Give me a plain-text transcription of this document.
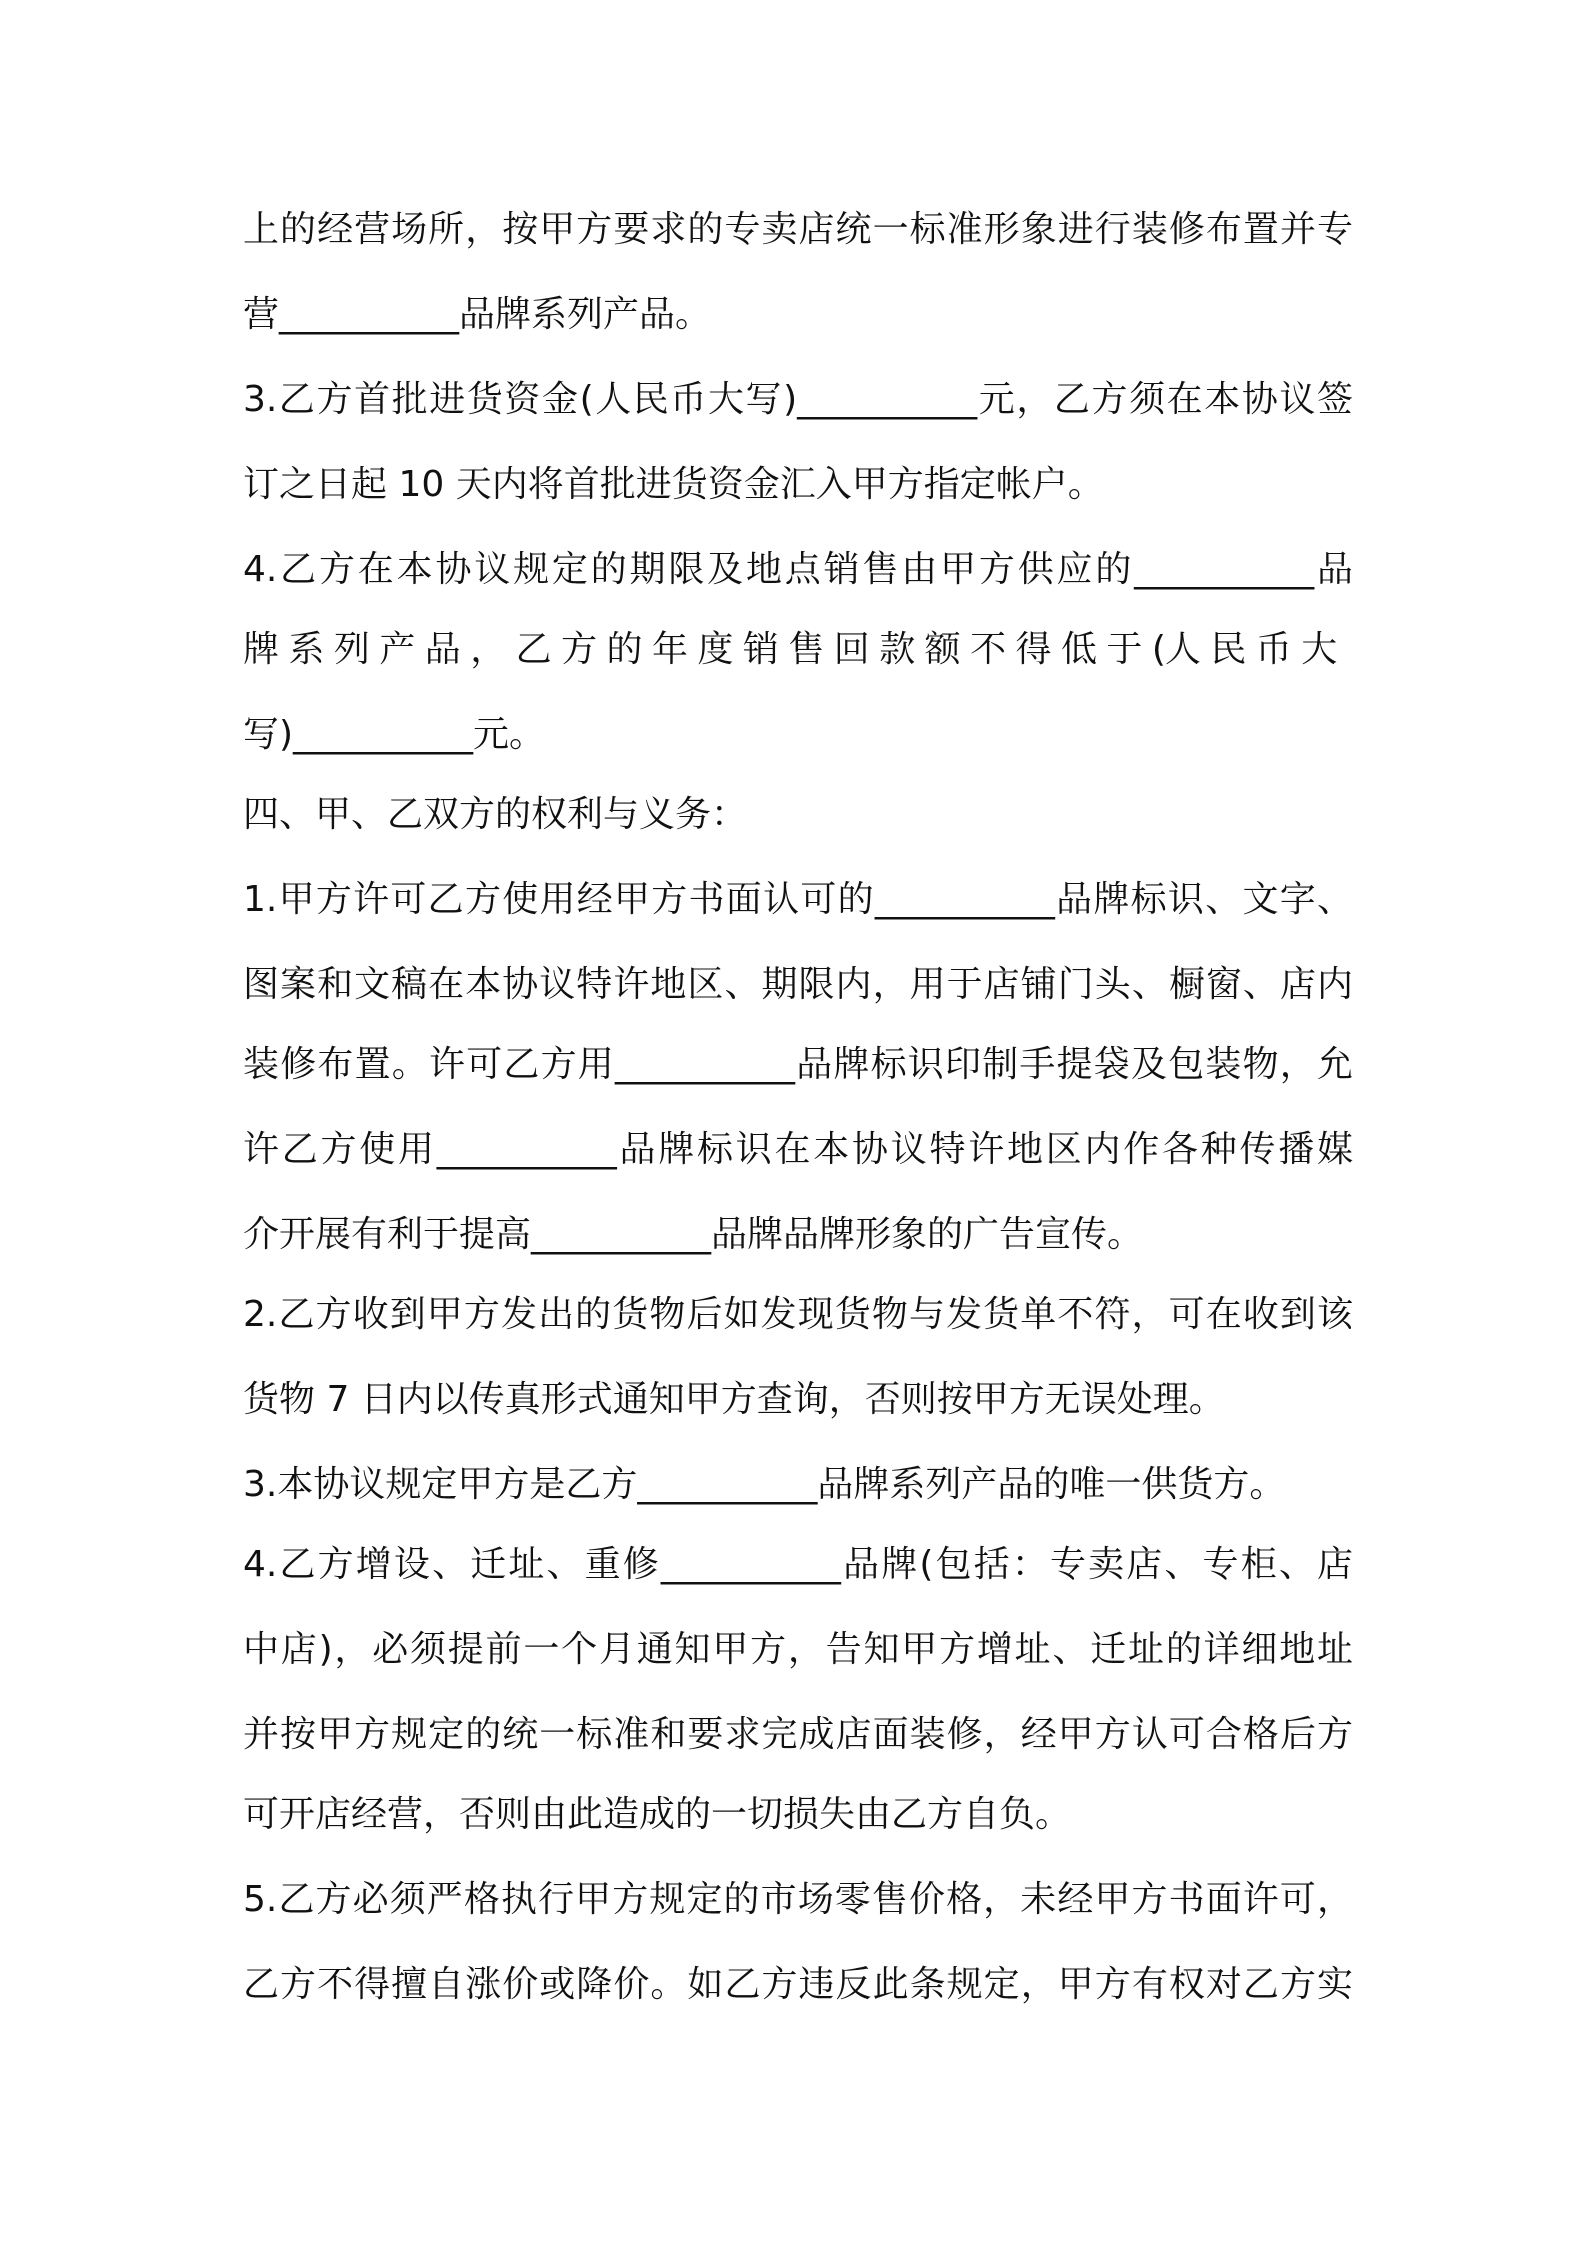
上的经营场所，按甲方要求的专卖店统一标准形象进行装修布置并专
营__________品牌系列产品。
3.乙方首批进货资金(人民币大写)__________元，乙方须在本协议签
订之日起 10 天内将首批进货资金汇入甲方指定帐户。
4.乙方在本协议规定的期限及地点销售由甲方供应的__________品
牌 系 列 产 品 ， 乙 方 的 年 度 销 售 回 款 额 不 得 低 于 (人 民 币 大
写)__________元。
四、甲、乙双方的权利与义务：
1.甲方许可乙方使用经甲方书面认可的__________品牌标识、文字、
图案和文稿在本协议特许地区、期限内，用于店铺门头、橱窗、店内
装修布置。许可乙方用__________品牌标识印制手提袋及包装物，允
许乙方使用__________品牌标识在本协议特许地区内作各种传播媒
介开展有利于提高__________品牌品牌形象的广告宣传。
2.乙方收到甲方发出的货物后如发现货物与发货单不符，可在收到该
货物 7 日内以传真形式通知甲方查询，否则按甲方无误处理。
3.本协议规定甲方是乙方__________品牌系列产品的唯一供货方。
4.乙方增设、迁址、重修__________品牌(包括：专卖店、专柜、店
中店)，必须提前一个月通知甲方，告知甲方增址、迁址的详细地址
并按甲方规定的统一标准和要求完成店面装修，经甲方认可合格后方
可开店经营，否则由此造成的一切损失由乙方自负。
5.乙方必须严格执行甲方规定的市场零售价格，未经甲方书面许可，
乙方不得擅自涨价或降价。如乙方违反此条规定，甲方有权对乙方实
